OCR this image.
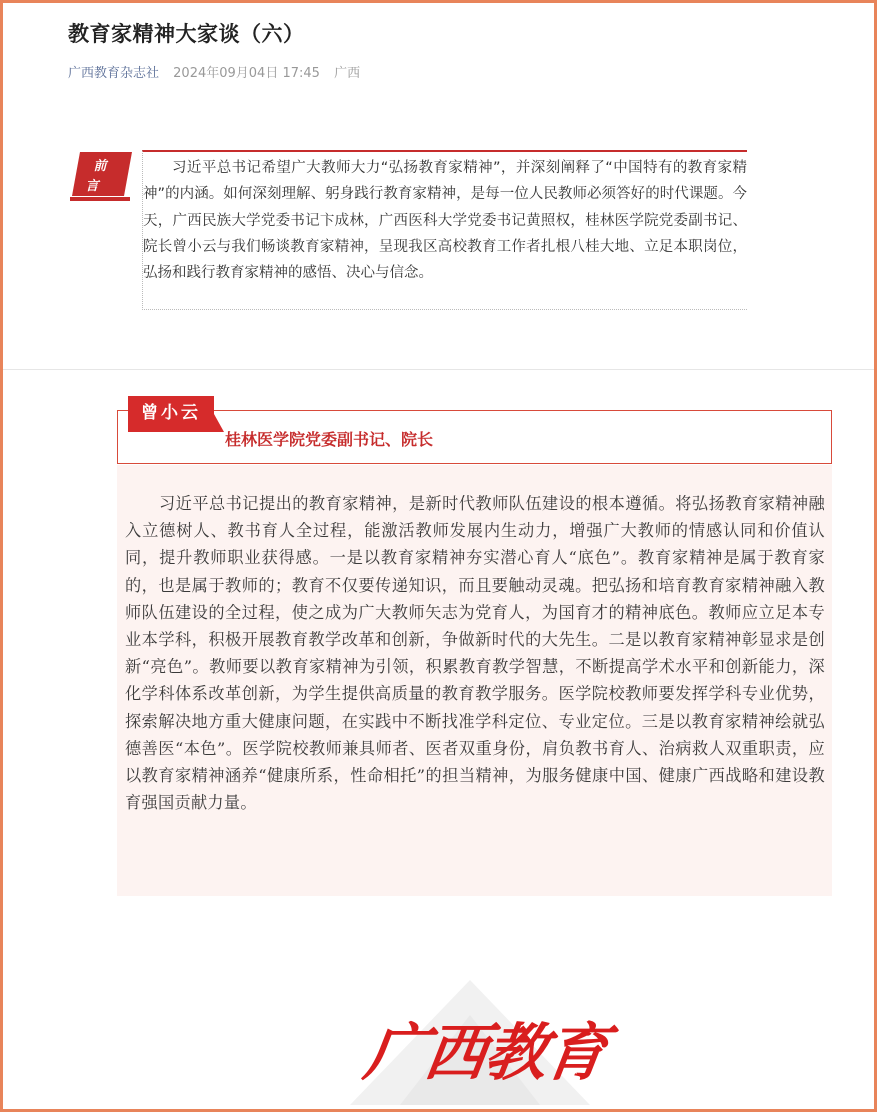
教育家精神大家谈（六）
广西教育杂志社 2024年09月04日 17:45 广西
前
言

习近平总书记希望广大教师大力“弘扬教育家精神”，并深刻阐释了“中国特有的教育家精神”的内涵。如何深刻理解、躬身践行教育家精神，是每一位人民教师必须答好的时代课题。今天，广西民族大学党委书记卞成林，广西医科大学党委书记黄照权，桂林医学院党委副书记、院长曾小云与我们畅谈教育家精神，呈现我区高校教育工作者扎根八桂大地、立足本职岗位，弘扬和践行教育家精神的感悟、决心与信念。

曾小云
桂林医学院党委副书记、院长

习近平总书记提出的教育家精神，是新时代教师队伍建设的根本遵循。将弘扬教育家精神融入立德树人、教书育人全过程，能激活教师发展内生动力，增强广大教师的情感认同和价值认同，提升教师职业获得感。一是以教育家精神夯实潜心育人“底色”。教育家精神是属于教育家的，也是属于教师的；教育不仅要传递知识，而且要触动灵魂。把弘扬和培育教育家精神融入教师队伍建设的全过程，使之成为广大教师矢志为党育人，为国育才的精神底色。教师应立足本专业本学科，积极开展教育教学改革和创新，争做新时代的大先生。二是以教育家精神彰显求是创新“亮色”。教师要以教育家精神为引领，积累教育教学智慧，不断提高学术水平和创新能力，深化学科体系改革创新，为学生提供高质量的教育教学服务。医学院校教师要发挥学科专业优势，探索解决地方重大健康问题，在实践中不断找准学科定位、专业定位。三是以教育家精神绘就弘德善医“本色”。医学院校教师兼具师者、医者双重身份，肩负教书育人、治病救人双重职责，应以教育家精神涵养“健康所系，性命相托”的担当精神，为服务健康中国、健康广西战略和建设教育强国贡献力量。

广西教育
